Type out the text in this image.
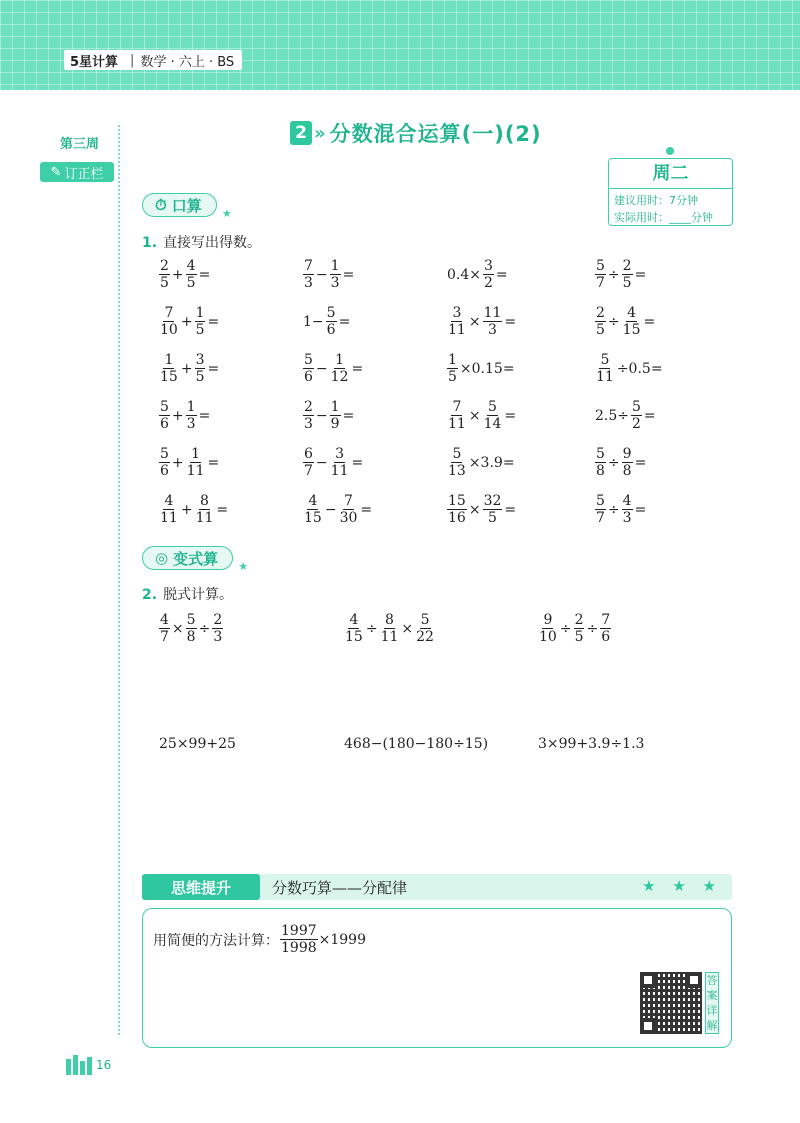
5星计算 | 数学 · 六上 · BS
第三周
✎ 订正栏
2 » 分数混合运算(一)(2)
周二
建议用时：7分钟
实际用时：____分钟
⏱ 口算 ★
1. 直接写出得数。
$\frac{2}{5} + \frac{4}{5}$ =	$\frac{7}{3} - \frac{1}{3}$ =	$0.4\times \frac{3}{2}$ =	$\frac{5}{7} \div \frac{2}{5}$ =
$\frac{7}{10} + \frac{1}{5}$ =	$1- \frac{5}{6}$ =	$\frac{3}{11} \times \frac{11}{3}$ =	$\frac{2}{5} \div \frac{4}{15}$ =
$\frac{1}{15} + \frac{3}{5}$ =	$\frac{5}{6} - \frac{1}{12}$ =	$\frac{1}{5} \times 0.15=$	$\frac{5}{11} \div 0.5=$
$\frac{5}{6} + \frac{1}{3}$ =	$\frac{2}{3} - \frac{1}{9}$ =	$\frac{7}{11} \times \frac{5}{14}$ =	$2.5\div \frac{5}{2}$ =
$\frac{5}{6} + \frac{1}{11}$ =	$\frac{6}{7} - \frac{3}{11}$ =	$\frac{5}{13} \times 3.9=$	$\frac{5}{8} \div \frac{9}{8}$ =
$\frac{4}{11} + \frac{8}{11}$ =	$\frac{4}{15} - \frac{7}{30}$ =	$\frac{15}{16} \times \frac{32}{5}$ =	$\frac{5}{7} \div \frac{4}{3}$ =
◎ 变式算 ★
2. 脱式计算。
$\frac{4}{7} \times \frac{5}{8} \div \frac{2}{3}$	$\frac{4}{15} \div \frac{8}{11} \times \frac{5}{22}$	$\frac{9}{10} \div \frac{2}{5} \div \frac{7}{6}$
25×99+25	468−(180−180÷15)	3×99+3.9÷1.3
思维提升	分数巧算——分配律	★ ★ ★
用简便的方法计算： $\frac{1997}{1998} \times 1999$
答案详解
16
